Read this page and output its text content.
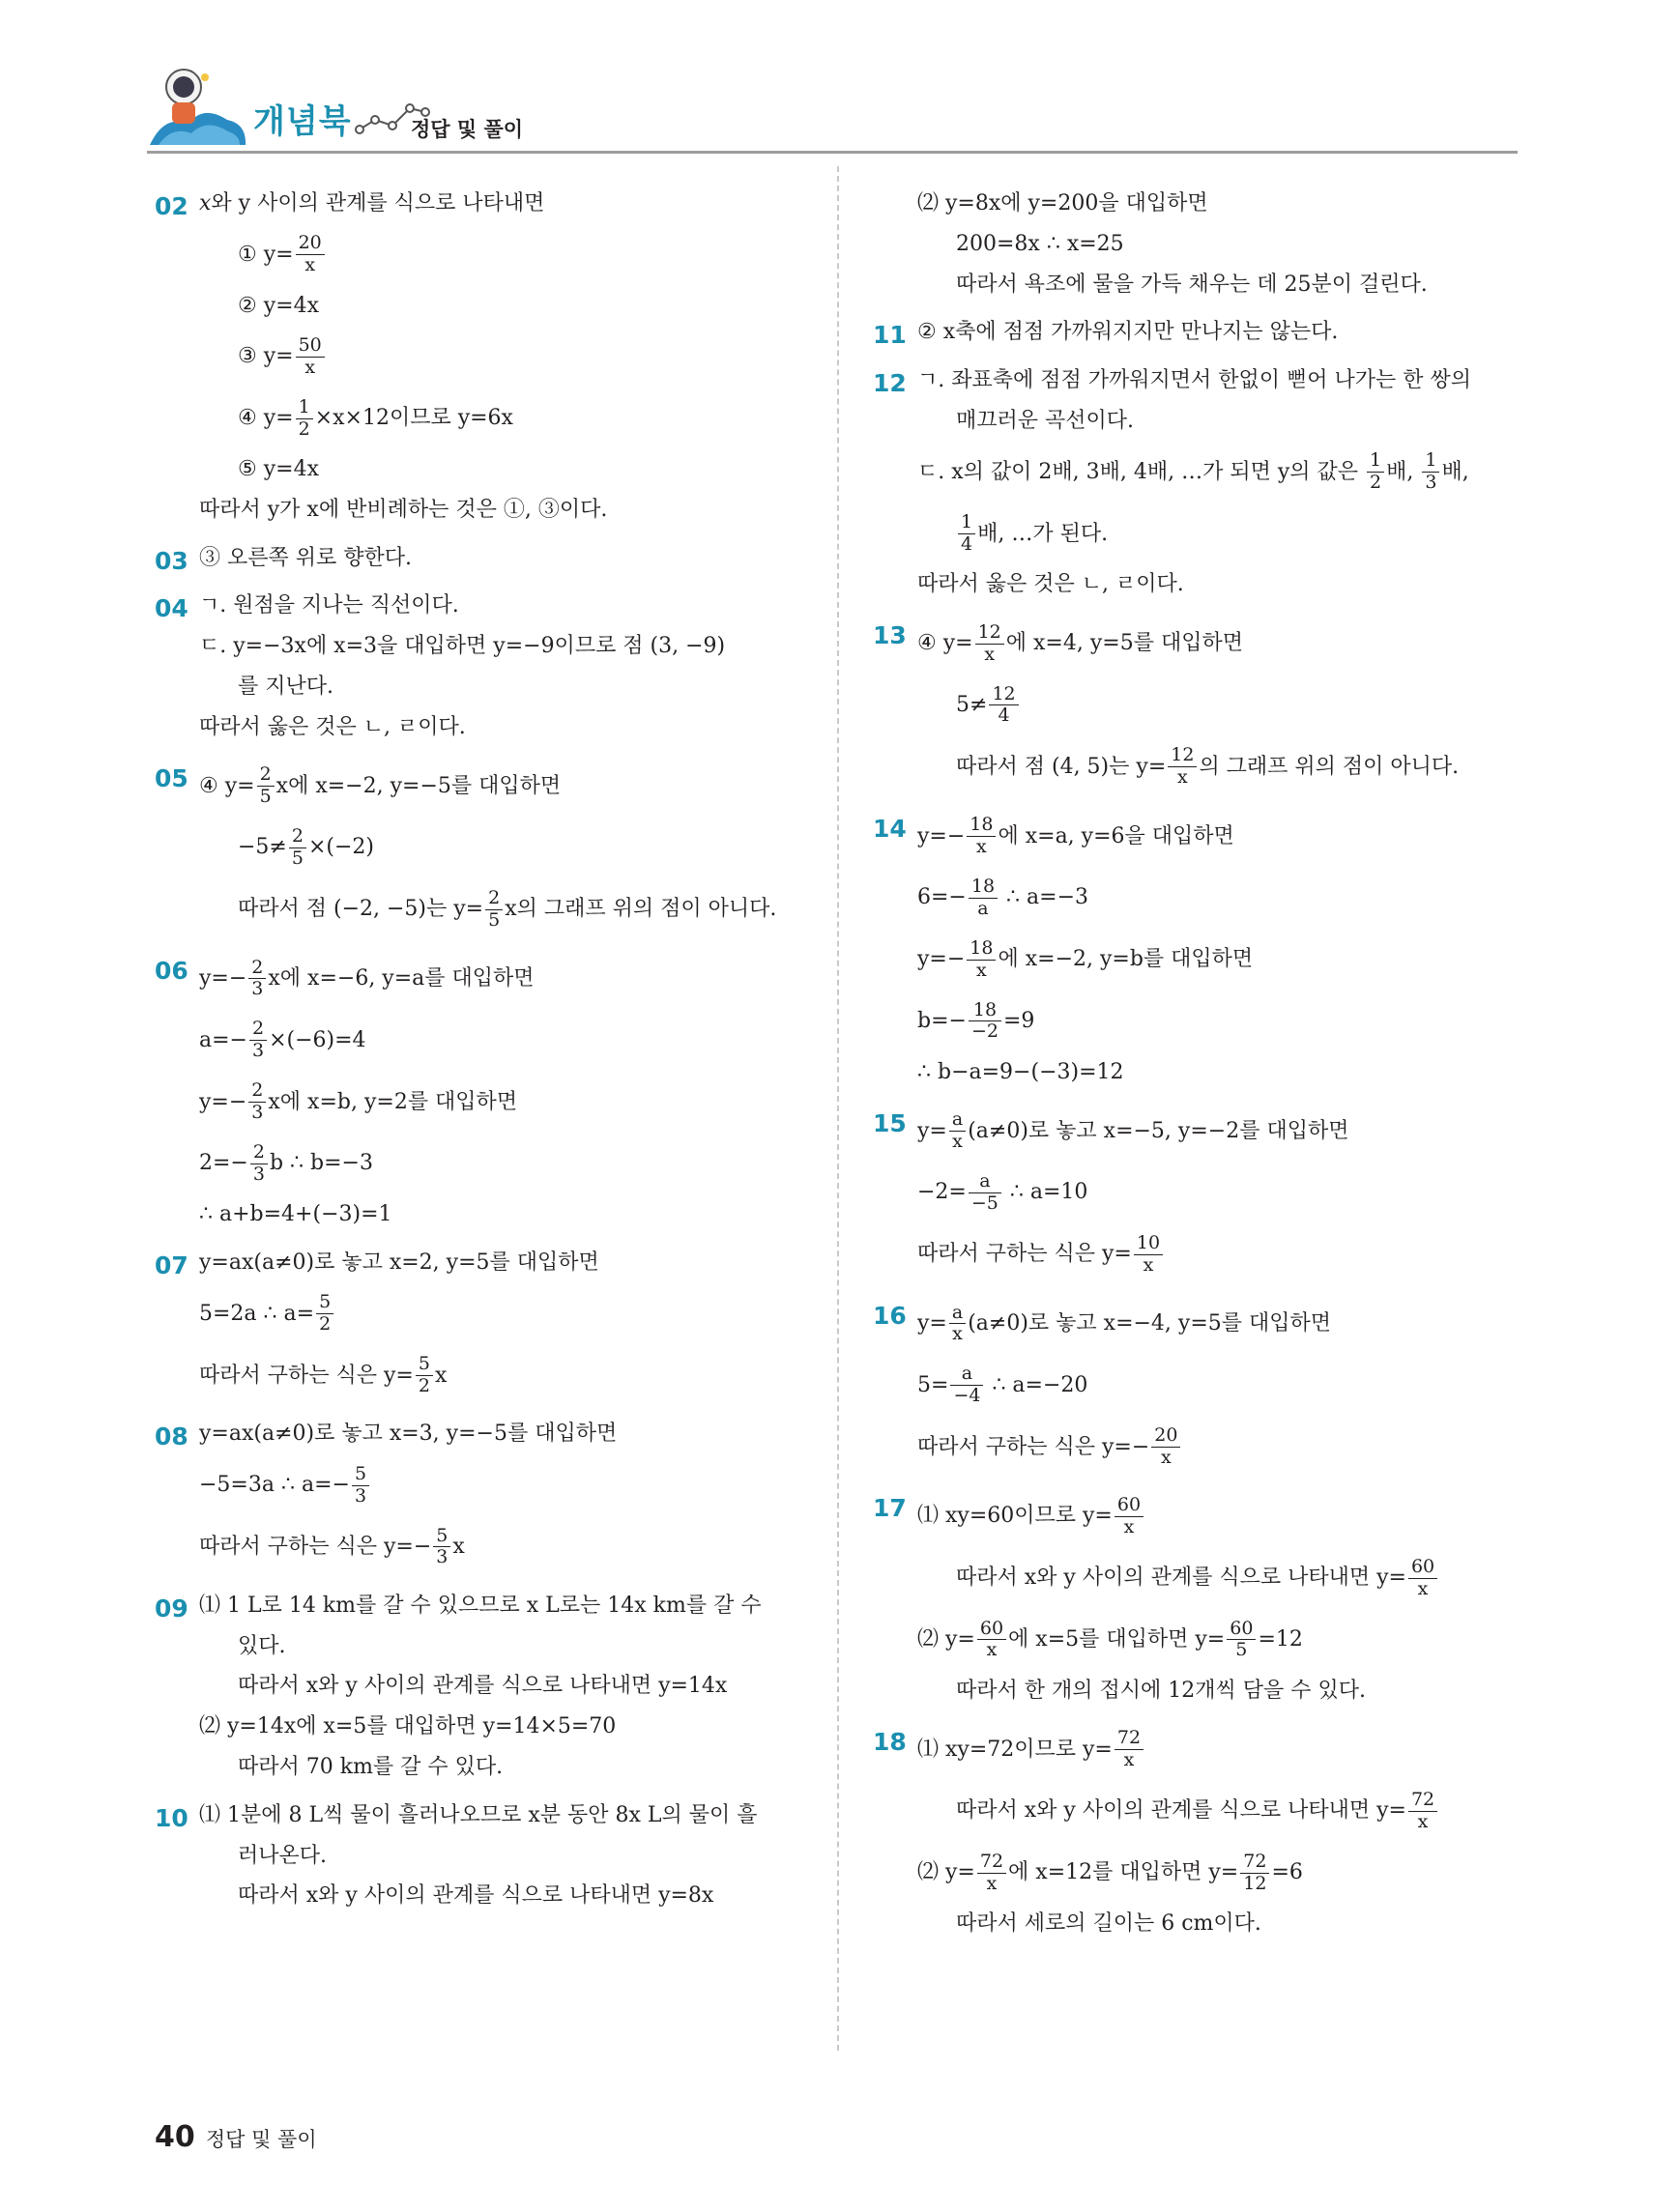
개념북	정답 및 풀이
02 x와 y 사이의 관계를 식으로 나타내면
① $y= \frac{20}{x}$
② y=4x
③ $y= \frac{50}{x}$
④ $y= \frac{1}{2} \times x\times 12$이므로 y=6x
⑤ y=4x
따라서 y가 x에 반비례하는 것은 ①, ③이다.
03 ③ 오른쪽 위로 향한다.
04 ㄱ. 원점을 지나는 직선이다.
ㄷ. y=−3x에 x=3을 대입하면 y=−9이므로 점 (3, −9)
를 지난다.
따라서 옳은 것은 ㄴ, ㄹ이다.
05 ④ $y= \frac{2}{5}$ x에 x=−2, y=−5를 대입하면
$-5\ne \frac{2}{5} \times(-2)$
따라서 점 (−2, −5)는 $y= \frac{2}{5}$ x의 그래프 위의 점이 아니다.
06 $y=- \frac{2}{3}$ x에 x=−6, y=a를 대입하면
$a=- \frac{2}{3} \times(-6)=4$
$y=- \frac{2}{3}$ x에 x=b, y=2를 대입하면
$2=- \frac{2}{3}$ b ∴ b=−3
∴ a+b=4+(−3)=1
07 y=ax(a≠0)로 놓고 x=2, y=5를 대입하면
5=2a ∴ $a= \frac{5}{2}$
따라서 구하는 식은 $y= \frac{5}{2}$ x
08 y=ax(a≠0)로 놓고 x=3, y=−5를 대입하면
−5=3a ∴ $a=- \frac{5}{3}$
따라서 구하는 식은 $y=- \frac{5}{3}$ x
09 ⑴ 1 L로 14 km를 갈 수 있으므로 x L로는 14x km를 갈 수
있다.
따라서 x와 y 사이의 관계를 식으로 나타내면 y=14x
⑵ y=14x에 x=5를 대입하면 y=14×5=70
따라서 70 km를 갈 수 있다.
10 ⑴ 1분에 8 L씩 물이 흘러나오므로 x분 동안 8x L의 물이 흘
러나온다.
따라서 x와 y 사이의 관계를 식으로 나타내면 y=8x
⑵ y=8x에 y=200을 대입하면
200=8x ∴ x=25
따라서 욕조에 물을 가득 채우는 데 25분이 걸린다.
11 ② x축에 점점 가까워지지만 만나지는 않는다.
12 ㄱ. 좌표축에 점점 가까워지면서 한없이 뻗어 나가는 한 쌍의
매끄러운 곡선이다.
ㄷ. x의 값이 2배, 3배, 4배, …가 되면 y의 값은 $\frac{1}{2}$ 배, $\frac{1}{3}$ 배,
$\frac{1}{4}$ 배, …가 된다.
따라서 옳은 것은 ㄴ, ㄹ이다.
13 ④ $y= \frac{12}{x}$ 에 x=4, y=5를 대입하면
$5\ne \frac{12}{4}$
따라서 점 (4, 5)는 $y= \frac{12}{x}$ 의 그래프 위의 점이 아니다.
14 $y=- \frac{18}{x}$ 에 x=a, y=6을 대입하면
$6=- \frac{18}{a}$ ∴ a=−3
$y=- \frac{18}{x}$ 에 x=−2, y=b를 대입하면
$b=- \frac{18}{-2} =9$
∴ b−a=9−(−3)=12
15 $y= \frac{a}{x} (a\ne 0)$로 놓고 x=−5, y=−2를 대입하면
$-2= \frac{a}{-5}$ ∴ a=10
따라서 구하는 식은 $y= \frac{10}{x}$
16 $y= \frac{a}{x} (a\ne 0)$로 놓고 x=−4, y=5를 대입하면
$5= \frac{a}{-4}$ ∴ a=−20
따라서 구하는 식은 $y=- \frac{20}{x}$
17 ⑴ xy=60이므로 $y= \frac{60}{x}$
따라서 x와 y 사이의 관계를 식으로 나타내면 $y= \frac{60}{x}$
⑵ $y= \frac{60}{x}$ 에 x=5를 대입하면 $y= \frac{60}{5} =12$
따라서 한 개의 접시에 12개씩 담을 수 있다.
18 ⑴ xy=72이므로 $y= \frac{72}{x}$
따라서 x와 y 사이의 관계를 식으로 나타내면 $y= \frac{72}{x}$
⑵ $y= \frac{72}{x}$ 에 x=12를 대입하면 $y= \frac{72}{12} =6$
따라서 세로의 길이는 6 cm이다.
40 정답 및 풀이
